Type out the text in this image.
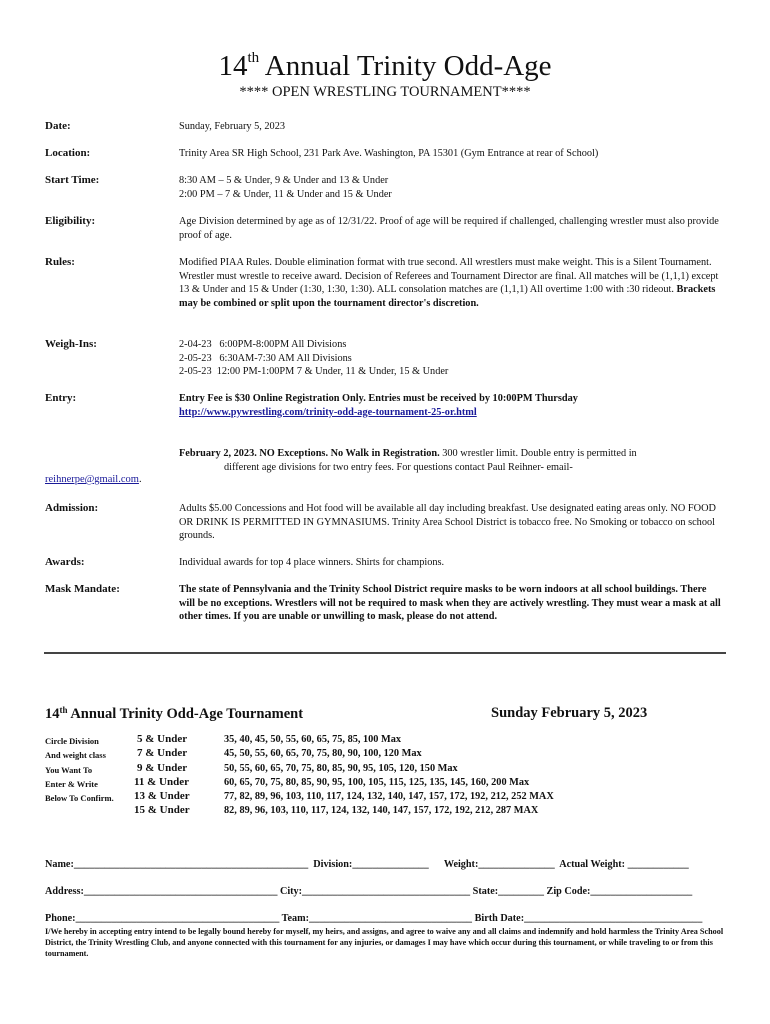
14th Annual Trinity Odd-Age
**** OPEN WRESTLING TOURNAMENT****
Date:	Sunday, February 5, 2023
Location:	Trinity Area SR High School, 231 Park Ave. Washington, PA 15301 (Gym Entrance at rear of School)
Start Time:	8:30 AM – 5 & Under, 9 & Under and 13 & Under
2:00 PM – 7 & Under, 11 & Under and 15 & Under
Eligibility:	Age Division determined by age as of 12/31/22. Proof of age will be required if challenged, challenging wrestler must also provide proof of age.
Rules:	Modified PIAA Rules. Double elimination format with true second. All wrestlers must make weight. This is a Silent Tournament. Wrestler must wrestle to receive award. Decision of Referees and Tournament Director are final. All matches will be (1,1,1) except 13 & Under and 15 & Under (1:30, 1:30, 1:30). ALL consolation matches are (1,1,1) All overtime 1:00 with :30 rideout. Brackets may be combined or split upon the tournament director's discretion.
Weigh-Ins:	2-04-23   6:00PM-8:00PM All Divisions
2-05-23   6:30AM-7:30 AM All Divisions
2-05-23  12:00 PM-1:00PM 7 & Under, 11 & Under, 15 & Under
Entry:	Entry Fee is $30 Online Registration Only. Entries must be received by 10:00PM Thursday
http://www.pywrestling.com/trinity-odd-age-tournament-25-or.html
February 2, 2023. NO Exceptions. No Walk in Registration. 300 wrestler limit. Double entry is permitted in
different age divisions for two entry fees. For questions contact Paul Reihner- email-
reihnerpe@gmail.com.
Admission:	Adults $5.00 Concessions and Hot food will be available all day including breakfast. Use designated eating areas only. NO FOOD OR DRINK IS PERMITTED IN GYMNASIUMS. Trinity Area School District is tobacco free. No Smoking or tobacco on school grounds.
Awards:	Individual awards for top 4 place winners. Shirts for champions.
Mask Mandate:	The state of Pennsylvania and the Trinity School District require masks to be worn indoors at all school buildings. There will be no exceptions. Wrestlers will not be required to mask when they are actively wrestling. They must wear a mask at all other times. If you are unable or unwilling to mask, please do not attend.
14th Annual Trinity Odd-Age Tournament	Sunday February 5, 2023
Circle Division
And weight class
You Want To
Enter & Write
Below To Confirm.
5 & Under	35, 40, 45, 50, 55, 60, 65, 75, 85, 100 Max
7 & Under	45, 50, 55, 60, 65, 70, 75, 80, 90, 100, 120 Max
9 & Under	50, 55, 60, 65, 70, 75, 80, 85, 90, 95, 105, 120, 150 Max
11 & Under	60, 65, 70, 75, 80, 85, 90, 95, 100, 105, 115, 125, 135, 145, 160, 200 Max
13 & Under	77, 82, 89, 96, 103, 110, 117, 124, 132, 140, 147, 157, 172, 192, 212, 252 MAX
15 & Under	82, 89, 96, 103, 110, 117, 124, 132, 140, 147, 157, 172, 192, 212, 287 MAX
Name:______________________________________________  Division:_______________      Weight:_______________  Actual Weight: ____________
Address:______________________________________ City:_________________________________ State:_________ Zip Code:____________________
Phone:________________________________________ Team:________________________________ Birth Date:___________________________________
I/We hereby in accepting entry intend to be legally bound hereby for myself, my heirs, and assigns, and agree to waive any and all claims and indemnify and hold harmless the Trinity Area School District, the Trinity Wrestling Club, and anyone connected with this tournament for any injuries, or damages I may have which occur during this tournament, or while traveling to or from this tournament.
